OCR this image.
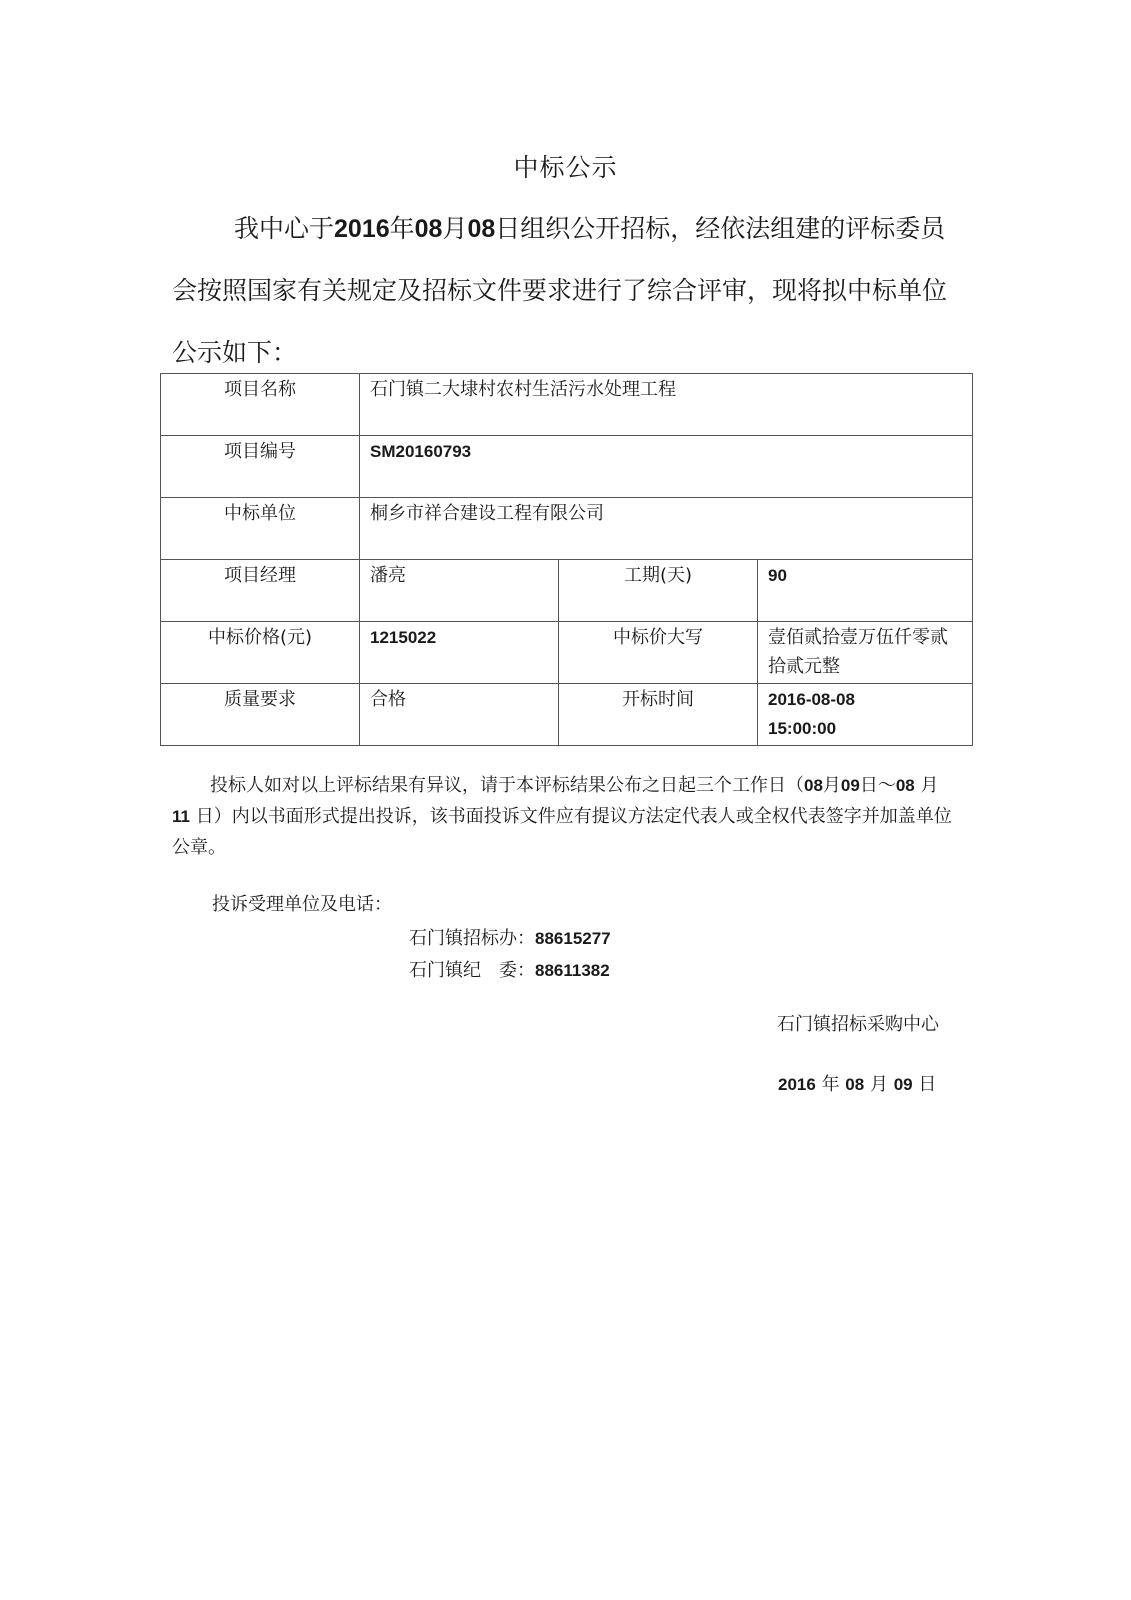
中标公示
我中心于2016年08月08日组织公开招标，经依法组建的评标委员会按照国家有关规定及招标文件要求进行了综合评审，现将拟中标单位公示如下：
项目名称	石门镇二大埭村农村生活污水处理工程		
项目编号	SM20160793		
中标单位	桐乡市祥合建设工程有限公司		
项目经理	潘亮	工期(天)	90
中标价格(元)	1215022	中标价大写	壹佰贰拾壹万伍仟零贰拾贰元整
质量要求	合格	开标时间	2016-08-08
15:00:00
投标人如对以上评标结果有异议，请于本评标结果公布之日起三个工作日（08月09日～08 月 11 日）内以书面形式提出投诉，该书面投诉文件应有提议方法定代表人或全权代表签字并加盖单位公章。
投诉受理单位及电话：
石门镇招标办：88615277
石门镇纪　委：88611382
石门镇招标采购中心
2016 年 08 月 09 日
